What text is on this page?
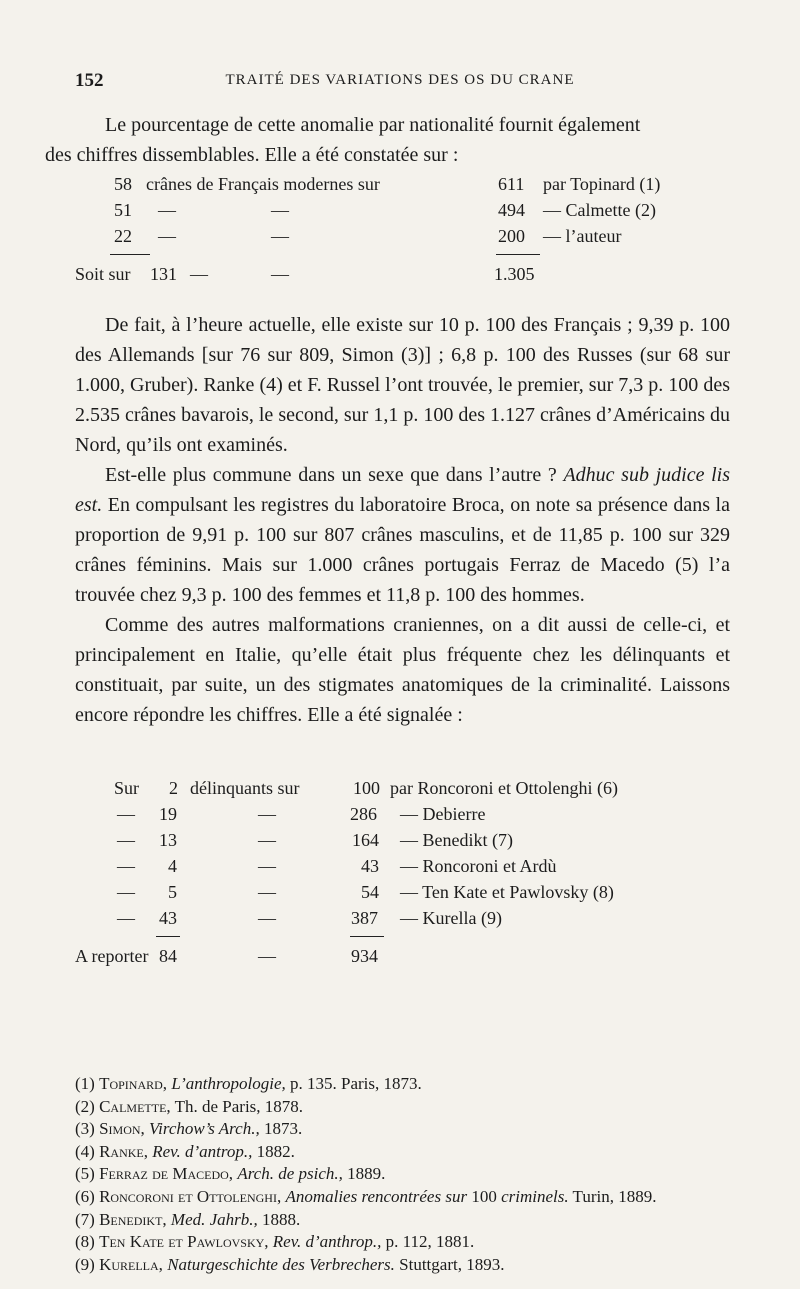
152	TRAITÉ DES VARIATIONS DES OS DU CRANE

Le pourcentage de cette anomalie par nationalité fournit également
des chiffres dissemblables. Elle a été constatée sur :

58 crânes de Français modernes sur	611 par Topinard (1)
51 —	—	494 — Calmette (2)
22 —	—	200 — l’auteur
Soit sur 131 —	—	1.305

De fait, à l’heure actuelle, elle existe sur 10 p. 100 des Français ; 9,39 p. 100 des Allemands [sur 76 sur 809, Simon (3)] ; 6,8 p. 100 des Russes (sur 68 sur 1.000, Gruber). Ranke (4) et F. Russel l’ont trouvée, le premier, sur 7,3 p. 100 des 2.535 crânes bavarois, le second, sur 1,1 p. 100 des 1.127 crânes d’Américains du Nord, qu’ils ont examinés.

Est-elle plus commune dans un sexe que dans l’autre ? Adhuc sub judice lis est. En compulsant les registres du laboratoire Broca, on note sa présence dans la proportion de 9,91 p. 100 sur 807 crânes masculins, et de 11,85 p. 100 sur 329 crânes féminins. Mais sur 1.000 crânes portugais Ferraz de Macedo (5) l’a trouvée chez 9,3 p. 100 des femmes et 11,8 p. 100 des hommes.

Comme des autres malformations craniennes, on a dit aussi de celle-ci, et principalement en Italie, qu’elle était plus fréquente chez les délinquants et constituait, par suite, un des stigmates anatomiques de la criminalité. Laissons encore répondre les chiffres. Elle a été signalée :

Sur 2 délinquants sur	100 par Roncoroni et Ottolenghi (6)
— 19	—	286 — Debierre
— 13	—	164 — Benedikt (7)
— 4	—	43 — Roncoroni et Ardù
— 5	—	54 — Ten Kate et Pawlovsky (8)
— 43	—	387 — Kurella (9)
A reporter 84	—	934

(1) Topinard, L’anthropologie, p. 135. Paris, 1873.

(2) Calmette, Th. de Paris, 1878.

(3) Simon, Virchow’s Arch., 1873.

(4) Ranke, Rev. d’antrop., 1882.

(5) Ferraz de Macedo, Arch. de psich., 1889.

(6) Roncoroni et Ottolenghi, Anomalies rencontrées sur 100 criminels. Turin, 1889.

(7) Benedikt, Med. Jahrb., 1888.

(8) Ten Kate et Pawlovsky, Rev. d’anthrop., p. 112, 1881.

(9) Kurella, Naturgeschichte des Verbrechers. Stuttgart, 1893.
